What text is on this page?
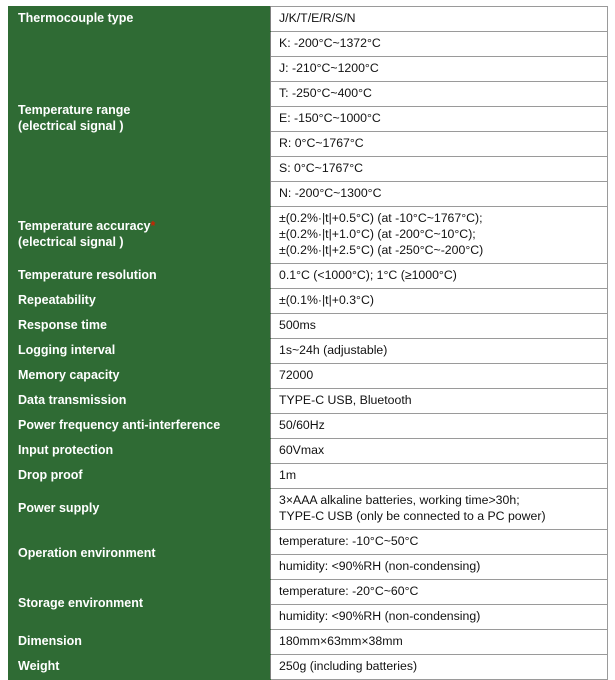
Thermocouple type	J/K/T/E/R/S/N

Temperature range
(electrical signal )	K: -200°C~1372°C

	J: -210°C~1200°C

	T: -250°C~400°C

	E: -150°C~1000°C

	R: 0°C~1767°C

	S: 0°C~1767°C

	N: -200°C~1300°C

Temperature accuracy*
(electrical signal )	±(0.2%·|t|+0.5°C) (at -10°C~1767°C);
±(0.2%·|t|+1.0°C) (at -200°C~10°C);
±(0.2%·|t|+2.5°C) (at -250°C~-200°C)

Temperature resolution	0.1°C (<1000°C); 1°C (≥1000°C)

Repeatability	±(0.1%·|t|+0.3°C)

Response time	500ms

Logging interval	1s~24h (adjustable)

Memory capacity	72000

Data transmission	TYPE-C USB, Bluetooth

Power frequency anti-interference	50/60Hz

Input protection	60Vmax

Drop proof	1m

Power supply	3×AAA alkaline batteries, working time>30h;
TYPE-C USB (only be connected to a PC power)

Operation environment	temperature: -10°C~50°C

	humidity: <90%RH (non-condensing)

Storage environment	temperature: -20°C~60°C

	humidity: <90%RH (non-condensing)

Dimension	180mm×63mm×38mm

Weight	250g (including batteries)
